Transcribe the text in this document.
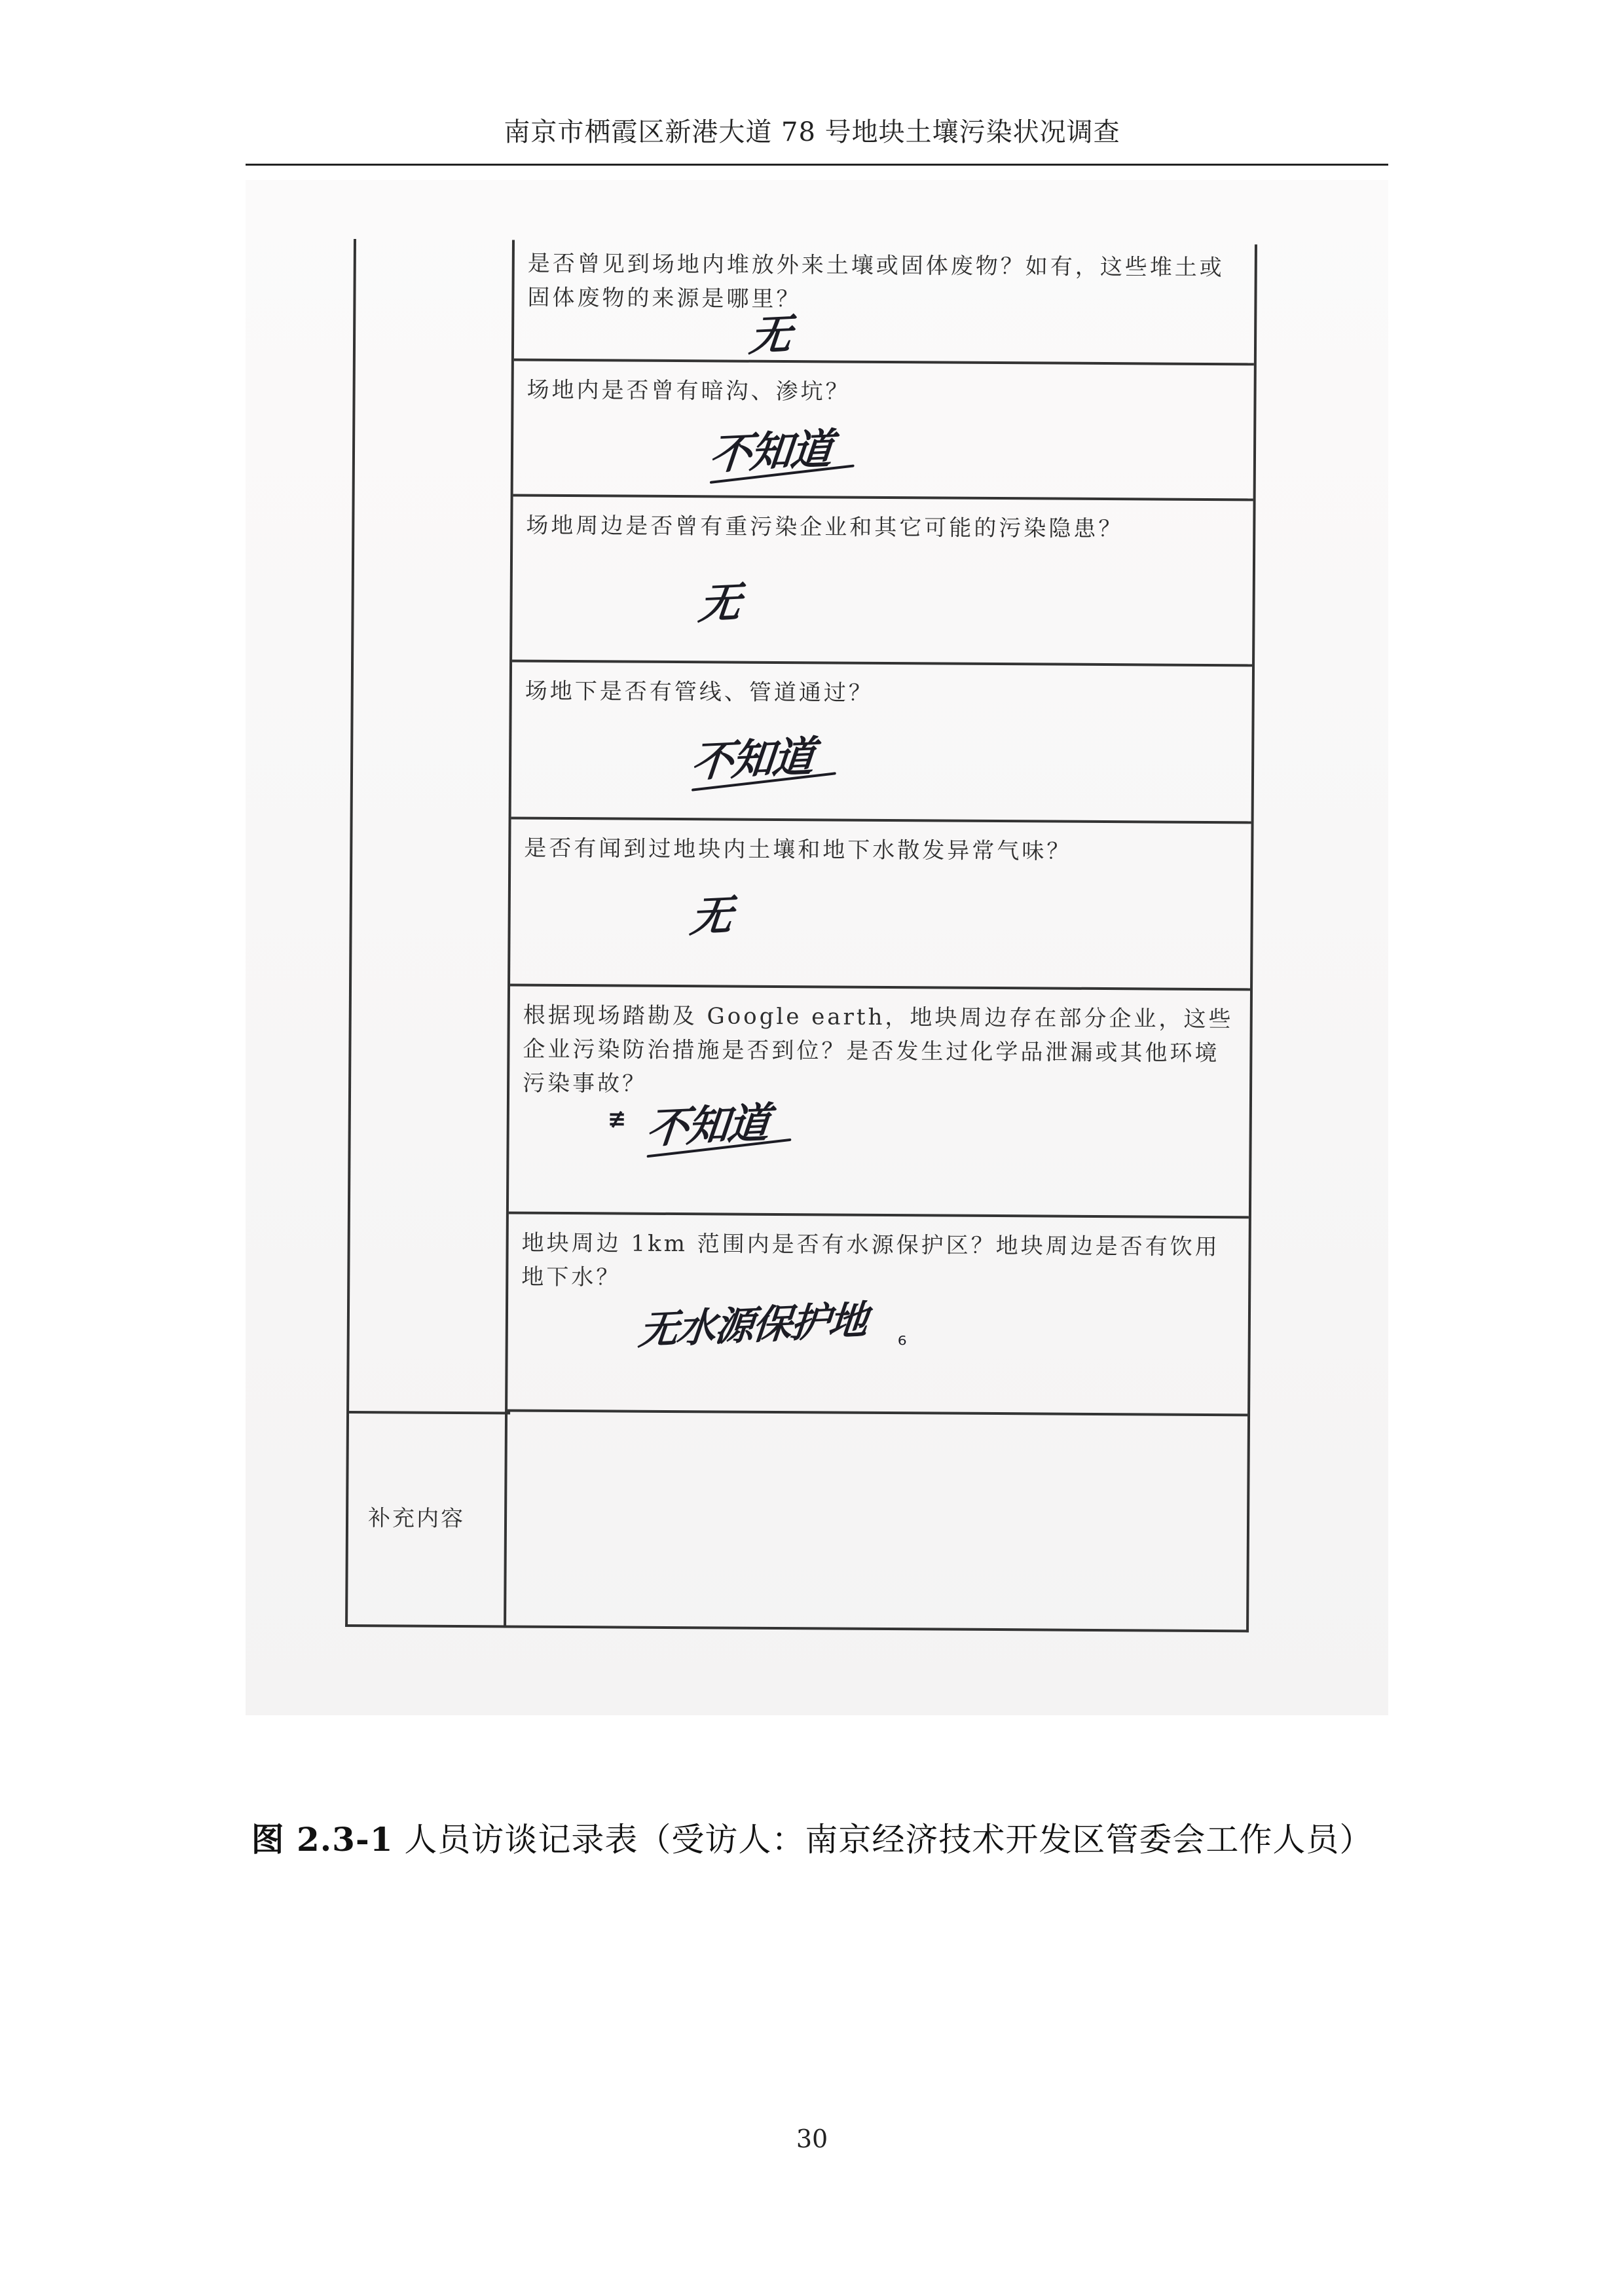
南京市栖霞区新港大道 78 号地块土壤污染状况调查
补充内容
是否曾见到场地内堆放外来土壤或固体废物？如有，这些堆土或固体废物的来源是哪里？
无
场地内是否曾有暗沟、渗坑？
不知道
场地周边是否曾有重污染企业和其它可能的污染隐患？
无
场地下是否有管线、管道通过？
不知道
是否有闻到过地块内土壤和地下水散发异常气味？
无
根据现场踏勘及 Google earth，地块周边存在部分企业，这些企业污染防治措施是否到位？是否发生过化学品泄漏或其他环境污染事故？
≢ 不知道
地块周边 1km 范围内是否有水源保护区？地块周边是否有饮用地下水？
无水源保护地 ₆
图 2.3-1 人员访谈记录表（受访人：南京经济技术开发区管委会工作人员）
30
